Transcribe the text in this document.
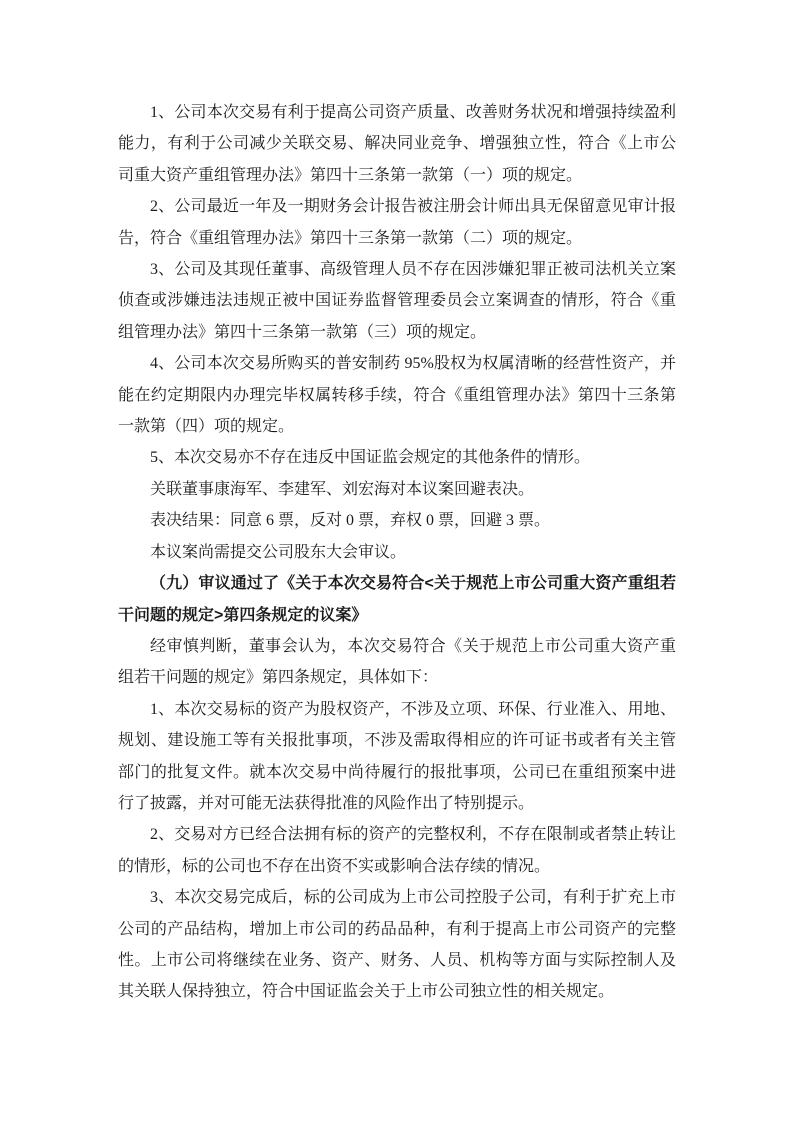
1、公司本次交易有利于提高公司资产质量、改善财务状况和增强持续盈利能力，有利于公司减少关联交易、解决同业竞争、增强独立性，符合《上市公司重大资产重组管理办法》第四十三条第一款第（一）项的规定。

2、公司最近一年及一期财务会计报告被注册会计师出具无保留意见审计报告，符合《重组管理办法》第四十三条第一款第（二）项的规定。

3、公司及其现任董事、高级管理人员不存在因涉嫌犯罪正被司法机关立案侦查或涉嫌违法违规正被中国证券监督管理委员会立案调查的情形，符合《重组管理办法》第四十三条第一款第（三）项的规定。

4、公司本次交易所购买的普安制药 95%股权为权属清晰的经营性资产，并能在约定期限内办理完毕权属转移手续，符合《重组管理办法》第四十三条第一款第（四）项的规定。

5、本次交易亦不存在违反中国证监会规定的其他条件的情形。

关联董事康海军、李建军、刘宏海对本议案回避表决。

表决结果：同意 6 票，反对 0 票，弃权 0 票，回避 3 票。

本议案尚需提交公司股东大会审议。

（九）审议通过了《关于本次交易符合<关于规范上市公司重大资产重组若干问题的规定>第四条规定的议案》

经审慎判断，董事会认为，本次交易符合《关于规范上市公司重大资产重组若干问题的规定》第四条规定，具体如下：

1、本次交易标的资产为股权资产，不涉及立项、环保、行业准入、用地、规划、建设施工等有关报批事项，不涉及需取得相应的许可证书或者有关主管部门的批复文件。就本次交易中尚待履行的报批事项，公司已在重组预案中进行了披露，并对可能无法获得批准的风险作出了特别提示。

2、交易对方已经合法拥有标的资产的完整权利，不存在限制或者禁止转让的情形，标的公司也不存在出资不实或影响合法存续的情况。

3、本次交易完成后，标的公司成为上市公司控股子公司，有利于扩充上市公司的产品结构，增加上市公司的药品品种，有利于提高上市公司资产的完整性。上市公司将继续在业务、资产、财务、人员、机构等方面与实际控制人及其关联人保持独立，符合中国证监会关于上市公司独立性的相关规定。
